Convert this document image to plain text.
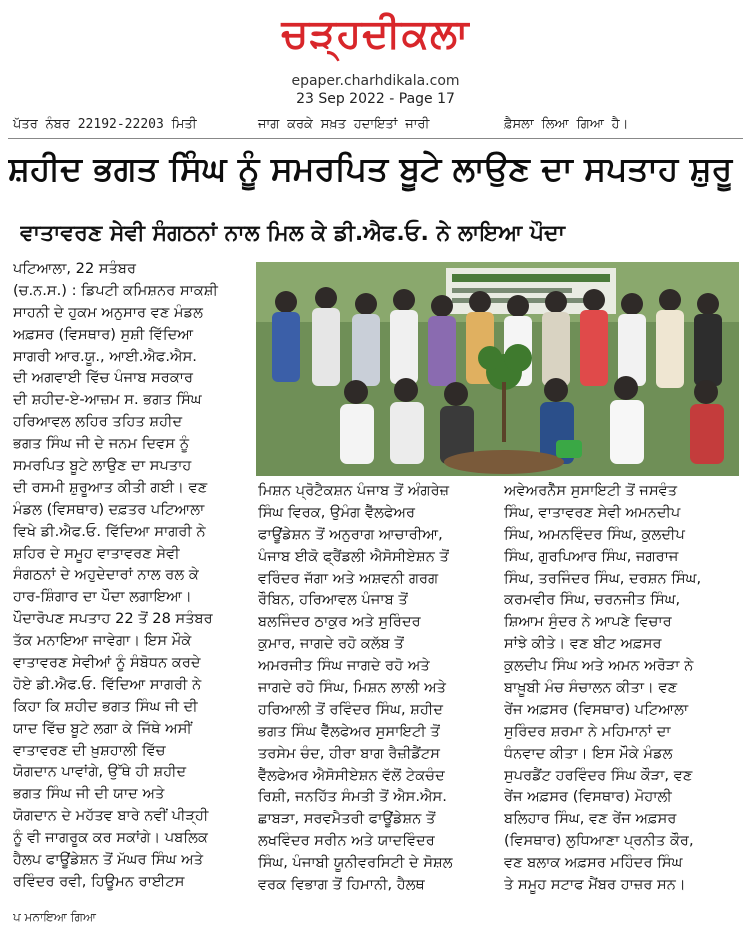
ਚੜ੍ਹਦੀਕਲਾ
epaper.charhdikala.com
23 Sep 2022 - Page 17
ਪੱਤਰ ਨੰਬਰ 22192-22203 ਮਿਤੀ	ਜਾਗ ਕਰਕੇ ਸਖ਼ਤ ਹਦਾਇਤਾਂ ਜਾਰੀ	ਫ਼ੈਸਲਾ ਲਿਆ ਗਿਆ ਹੈ।
ਸ਼ਹੀਦ ਭਗਤ ਸਿੰਘ ਨੂੰ ਸਮਰਪਿਤ ਬੂਟੇ ਲਾਉਣ ਦਾ ਸਪਤਾਹ ਸ਼ੁਰੂ
ਵਾਤਾਵਰਣ ਸੇਵੀ ਸੰਗਠਨਾਂ ਨਾਲ ਮਿਲ ਕੇ ਡੀ.ਐਫ.ਓ. ਨੇ ਲਾਇਆ ਪੌਦਾ
ਪਟਿਆਲਾ, 22 ਸਤੰਬਰ
(ਚ.ਨ.ਸ.) : ਡਿਪਟੀ ਕਮਿਸ਼ਨਰ ਸਾਕਸ਼ੀ
ਸਾਹਨੀ ਦੇ ਹੁਕਮ ਅਨੁਸਾਰ ਵਣ ਮੰਡਲ
ਅਫ਼ਸਰ (ਵਿਸਥਾਰ) ਸੁਸ਼ੀ ਵਿੱਦਿਆ
ਸਾਗਰੀ ਆਰ.ਯੂ., ਆਈ.ਐਫ.ਐਸ.
ਦੀ ਅਗਵਾਈ ਵਿੱਚ ਪੰਜਾਬ ਸਰਕਾਰ
ਦੀ ਸ਼ਹੀਦ-ਏ-ਆਜ਼ਮ ਸ. ਭਗਤ ਸਿੰਘ
ਹਰਿਆਵਲ ਲਹਿਰ ਤਹਿਤ ਸ਼ਹੀਦ
ਭਗਤ ਸਿੰਘ ਜੀ ਦੇ ਜਨਮ ਦਿਵਸ ਨੂੰ
ਸਮਰਪਿਤ ਬੂਟੇ ਲਾਉਣ ਦਾ ਸਪਤਾਹ
ਦੀ ਰਸਮੀ ਸ਼ੁਰੂਆਤ ਕੀਤੀ ਗਈ। ਵਣ
ਮੰਡਲ (ਵਿਸਥਾਰ) ਦਫ਼ਤਰ ਪਟਿਆਲਾ
ਵਿਖੇ ਡੀ.ਐਫ.ਓ. ਵਿੱਦਿਆ ਸਾਗਰੀ ਨੇ
ਸ਼ਹਿਰ ਦੇ ਸਮੂਹ ਵਾਤਾਵਰਣ ਸੇਵੀ
ਸੰਗਠਨਾਂ ਦੇ ਅਹੁਦੇਦਾਰਾਂ ਨਾਲ ਰਲ ਕੇ
ਹਾਰ-ਸ਼ਿੰਗਾਰ ਦਾ ਪੌਦਾ ਲਗਾਇਆ।
ਪੌਦਾਰੋਪਣ ਸਪਤਾਹ 22 ਤੋਂ 28 ਸਤੰਬਰ
ਤੱਕ ਮਨਾਇਆ ਜਾਵੇਗਾ। ਇਸ ਮੌਕੇ
ਵਾਤਾਵਰਣ ਸੇਵੀਆਂ ਨੂੰ ਸੰਬੋਧਨ ਕਰਦੇ
ਹੋਏ ਡੀ.ਐਫ.ਓ. ਵਿੱਦਿਆ ਸਾਗਰੀ ਨੇ
ਕਿਹਾ ਕਿ ਸ਼ਹੀਦ ਭਗਤ ਸਿੰਘ ਜੀ ਦੀ
ਯਾਦ ਵਿੱਚ ਬੂਟੇ ਲਗਾ ਕੇ ਜਿੱਥੇ ਅਸੀਂ
ਵਾਤਾਵਰਣ ਦੀ ਖ਼ੁਸ਼ਹਾਲੀ ਵਿੱਚ
ਯੋਗਦਾਨ ਪਾਵਾਂਗੇ, ਉੱਥੇ ਹੀ ਸ਼ਹੀਦ
ਭਗਤ ਸਿੰਘ ਜੀ ਦੀ ਯਾਦ ਅਤੇ
ਯੋਗਦਾਨ ਦੇ ਮਹੱਤਵ ਬਾਰੇ ਨਵੀਂ ਪੀੜ੍ਹੀ
ਨੂੰ ਵੀ ਜਾਗਰੂਕ ਕਰ ਸਕਾਂਗੇ। ਪਬਲਿਕ
ਹੈਲਪ ਫਾਊਂਡੇਸ਼ਨ ਤੋਂ ਮੱਘਰ ਸਿੰਘ ਅਤੇ
ਰਵਿੰਦਰ ਰਵੀ, ਹਿਊਮਨ ਰਾਈਟਸ
ਮਿਸ਼ਨ ਪ੍ਰੋਟੈਕਸ਼ਨ ਪੰਜਾਬ ਤੋਂ ਅੰਗਰੇਜ਼
ਸਿੰਘ ਵਿਰਕ, ਉਮੰਗ ਵੈੱਲਫੇਅਰ
ਫਾਊਂਡੇਸ਼ਨ ਤੋਂ ਅਨੁਰਾਗ ਆਚਾਰੀਆ,
ਪੰਜਾਬ ਈਕੋ ਫ੍ਰੈਂਡਲੀ ਐਸੋਸੀਏਸ਼ਨ ਤੋਂ
ਵਰਿੰਦਰ ਜੱਗਾ ਅਤੇ ਅਸ਼ਵਨੀ ਗਰਗ
ਰੌਬਿਨ, ਹਰਿਆਵਲ ਪੰਜਾਬ ਤੋਂ
ਬਲਜਿੰਦਰ ਠਾਕੁਰ ਅਤੇ ਸੁਰਿੰਦਰ
ਕੁਮਾਰ, ਜਾਗਦੇ ਰਹੋ ਕਲੱਬ ਤੋਂ
ਅਮਰਜੀਤ ਸਿੰਘ ਜਾਗਦੇ ਰਹੋ ਅਤੇ
ਜਾਗਦੇ ਰਹੋ ਸਿੰਘ, ਮਿਸ਼ਨ ਲਾਲੀ ਅਤੇ
ਹਰਿਆਲੀ ਤੋਂ ਰਵਿੰਦਰ ਸਿੰਘ, ਸ਼ਹੀਦ
ਭਗਤ ਸਿੰਘ ਵੈੱਲਫੇਅਰ ਸੁਸਾਇਟੀ ਤੋਂ
ਤਰਸੇਮ ਚੰਦ, ਹੀਰਾ ਬਾਗ ਰੈਜ਼ੀਡੈਂਟਸ
ਵੈੱਲਫੇਅਰ ਐਸੋਸੀਏਸ਼ਨ ਵੱਲੋਂ ਟੇਕਚੰਦ
ਰਿਸ਼ੀ, ਜਨਹਿੱਤ ਸੰਮਤੀ ਤੋਂ ਐਸ.ਐਸ.
ਛਾਬੜਾ, ਸਰਵਮੈਤਰੀ ਫਾਊਂਡੇਸ਼ਨ ਤੋਂ
ਲਖਵਿੰਦਰ ਸਰੀਨ ਅਤੇ ਯਾਦਵਿੰਦਰ
ਸਿੰਘ, ਪੰਜਾਬੀ ਯੂਨੀਵਰਸਿਟੀ ਦੇ ਸੋਸ਼ਲ
ਵਰਕ ਵਿਭਾਗ ਤੋਂ ਹਿਮਾਨੀ, ਹੈਲਥ
ਅਵੇਅਰਨੈੱਸ ਸੁਸਾਇਟੀ ਤੋਂ ਜਸਵੰਤ
ਸਿੰਘ, ਵਾਤਾਵਰਣ ਸੇਵੀ ਅਮਨਦੀਪ
ਸਿੰਘ, ਅਮਨਵਿੰਦਰ ਸਿੰਘ, ਕੁਲਦੀਪ
ਸਿੰਘ, ਗੁਰਪਿਆਰ ਸਿੰਘ, ਜਗਰਾਜ
ਸਿੰਘ, ਤਰਜਿੰਦਰ ਸਿੰਘ, ਦਰਸ਼ਨ ਸਿੰਘ,
ਕਰਮਵੀਰ ਸਿੰਘ, ਚਰਨਜੀਤ ਸਿੰਘ,
ਸ਼ਿਆਮ ਸੁੰਦਰ ਨੇ ਆਪਣੇ ਵਿਚਾਰ
ਸਾਂਝੇ ਕੀਤੇ। ਵਣ ਬੀਟ ਅਫ਼ਸਰ
ਕੁਲਦੀਪ ਸਿੰਘ ਅਤੇ ਅਮਨ ਅਰੋੜਾ ਨੇ
ਬਾਖ਼ੂਬੀ ਮੰਚ ਸੰਚਾਲਨ ਕੀਤਾ। ਵਣ
ਰੇਂਜ ਅਫ਼ਸਰ (ਵਿਸਥਾਰ) ਪਟਿਆਲਾ
ਸੁਰਿੰਦਰ ਸ਼ਰਮਾ ਨੇ ਮਹਿਮਾਨਾਂ ਦਾ
ਧੰਨਵਾਦ ਕੀਤਾ। ਇਸ ਮੌਕੇ ਮੰਡਲ
ਸੁਪਰਡੈਂਟ ਹਰਵਿੰਦਰ ਸਿੰਘ ਕੌੜਾ, ਵਣ
ਰੇਂਜ ਅਫ਼ਸਰ (ਵਿਸਥਾਰ) ਮੋਹਾਲੀ
ਬਲਿਹਾਰ ਸਿੰਘ, ਵਣ ਰੇਂਜ ਅਫ਼ਸਰ
(ਵਿਸਥਾਰ) ਲੁਧਿਆਣਾ ਪ੍ਰਨੀਤ ਕੌਰ,
ਵਣ ਬਲਾਕ ਅਫ਼ਸਰ ਮਹਿੰਦਰ ਸਿੰਘ
ਤੇ ਸਮੂਹ ਸਟਾਫ ਮੈਂਬਰ ਹਾਜ਼ਰ ਸਨ।
ਪ ਮਨਾਇਆ ਗਿਆ
